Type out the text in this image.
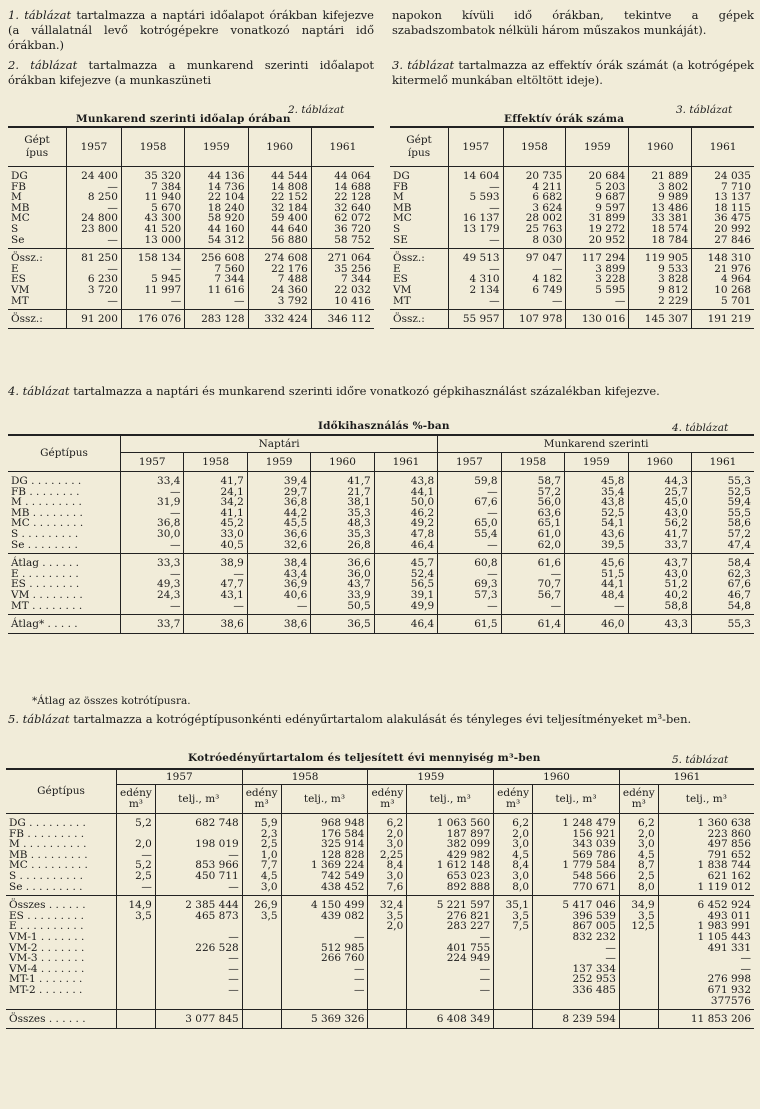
1. táblázat tartalmazza a naptári időalapot órákban kifejezve (a vállalatnál levő kotrógépekre vonatkozó naptári idő órákban.)

2. táblázat tartalmazza a munkarend szerinti időalapot órákban kifejezve (a munkaszüneti

napokon kívüli idő órákban, tekintve a gépek szabadszombatok nélküli három műszakos munkáját).

3. táblázat tartalmazza az effektív órák számát (a kotrógépek kitermelő munkában eltöltött ideje).

2. táblázat
Munkarend szerinti időalap órában
Gépt
ípus	1957	1958	1959	1960	1961
DG	24 400	35 320	44 136	44 544	44 064
FB	—	7 384	14 736	14 808	14 688
M	8 250	11 940	22 104	22 152	22 128
MB	—	5 670	18 240	32 184	32 640
MC	24 800	43 300	58 920	59 400	62 072
S	23 800	41 520	44 160	44 640	36 720
Se	—	13 000	54 312	56 880	58 752
Össz.:	81 250	158 134	256 608	274 608	271 064
E	—	—	7 560	22 176	35 256
ES	6 230	5 945	7 344	7 488	7 344
VM	3 720	11 997	11 616	24 360	22 032
MT	—	—	—	3 792	10 416
Össz.:	91 200	176 076	283 128	332 424	346 112
3. táblázat
Effektív órák száma
Gépt
ípus	1957	1958	1959	1960	1961
DG	14 604	20 735	20 684	21 889	24 035
FB	—	4 211	5 203	3 802	7 710
M	5 593	6 682	9 687	9 989	13 137
MB	—	3 624	9 597	13 486	18 115
MC	16 137	28 002	31 899	33 381	36 475
S	13 179	25 763	19 272	18 574	20 992
SE	—	8 030	20 952	18 784	27 846
Össz.:	49 513	97 047	117 294	119 905	148 310
E	—	—	3 899	9 533	21 976
ES	4 310	4 182	3 228	3 828	4 964
VM	2 134	6 749	5 595	9 812	10 268
MT	—	—	—	2 229	5 701
Össz.:	55 957	107 978	130 016	145 307	191 219

4. táblázat tartalmazza a naptári és munkarend szerinti időre vonatkozó gépkihasználást százalékban kifejezve.

Időkihasználás %-ban	4. táblázat
Géptípus	Naptári					Munkarend szerinti				
	1957	1958	1959	1960	1961	1957	1958	1959	1960	1961
DG . . . . . . . .	33,4	41,7	39,4	41,7	43,8	59,8	58,7	45,8	44,3	55,3
FB . . . . . . . .	—	24,1	29,7	21,7	44,1	—	57,2	35,4	25,7	52,5
M . . . . . . . . .	31,9	34,2	36,8	38,1	50,0	67,6	56,0	43,8	45,0	59,4
MB . . . . . . . .	—	41,1	44,2	35,3	46,2	—	63,6	52,5	43,0	55,5
MC . . . . . . . .	36,8	45,2	45,5	48,3	49,2	65,0	65,1	54,1	56,2	58,6
S . . . . . . . . .	30,0	33,0	36,6	35,3	47,8	55,4	61,0	43,6	41,7	57,2
Se . . . . . . . .	—	40,5	32,6	26,8	46,4	—	62,0	39,5	33,7	47,4
Átlag . . . . . .	33,3	38,9	38,4	36,6	45,7	60,8	61,6	45,6	43,7	58,4
E . . . . . . . . .	—	—	43,4	36,0	52,4	—	—	51,5	43,0	62,3
ES . . . . . . . .	49,3	47,7	36,9	43,7	56,5	69,3	70,7	44,1	51,2	67,6
VM . . . . . . . .	24,3	43,1	40,6	33,9	39,1	57,3	56,7	48,4	40,2	46,7
MT . . . . . . . .	—	—	—	50,5	49,9	—	—	—	58,8	54,8
Átlag* . . . . .	33,7	38,6	38,6	36,5	46,4	61,5	61,4	46,0	43,3	55,3
*Átlag az összes kotrótípusra.

5. táblázat tartalmazza a kotrógéptípusonkénti edényűrtartalom alakulását és tényleges évi teljesítményeket m³-ben.

Kotróedényűrtartalom és teljesített évi mennyiség m³-ben	5. táblázat
Géptípus	1957		1958		1959		1960		1961	
	edény
m³	telj., m³	edény
m³	telj., m³	edény
m³	telj., m³	edény
m³	telj., m³	edény
m³	telj., m³
DG . . . . . . . . .	5,2	682 748	5,9	968 948	6,2	1 063 560	6,2	1 248 479	6,2	1 360 638
FB . . . . . . . . .			2,3	176 584	2,0	187 897	2,0	156 921	2,0	223 860
M . . . . . . . . . .	2,0	198 019	2,5	325 914	3,0	382 099	3,0	343 039	3,0	497 856
MB . . . . . . . . .	—	—	1,0	128 828	2,25	429 982	4,5	569 786	4,5	791 652
MC . . . . . . . . .	5,2	853 966	7,7	1 369 224	8,4	1 612 148	8,4	1 779 584	8,7	1 838 744
S . . . . . . . . . .	2,5	450 711	4,5	742 549	3,0	653 023	3,0	548 566	2,5	621 162
Se . . . . . . . . .	—	—	3,0	438 452	7,6	892 888	8,0	770 671	8,0	1 119 012
Összes . . . . . .	14,9	2 385 444	26,9	4 150 499	32,4	5 221 597	35,1	5 417 046	34,9	6 452 924
ES . . . . . . . . .	3,5	465 873	3,5	439 082	3,5	276 821	3,5	396 539	3,5	493 011
E . . . . . . . . . .					2,0	283 227	7,5	867 005	12,5	1 983 991
VM-1 . . . . . . .		—		—		—		832 232		1 105 443
VM-2 . . . . . . .		226 528		512 985		401 755		—		491 331
VM-3 . . . . . . .		—		266 760		224 949		—		—
VM-4 . . . . . . .		—		—		—		137 334		—
MT-1 . . . . . . .		—		—		—		252 953		276 998
MT-2 . . . . . . .		—		—		—		336 485		671 932
										377576
Összes . . . . . .		3 077 845		5 369 326		6 408 349		8 239 594		11 853 206
